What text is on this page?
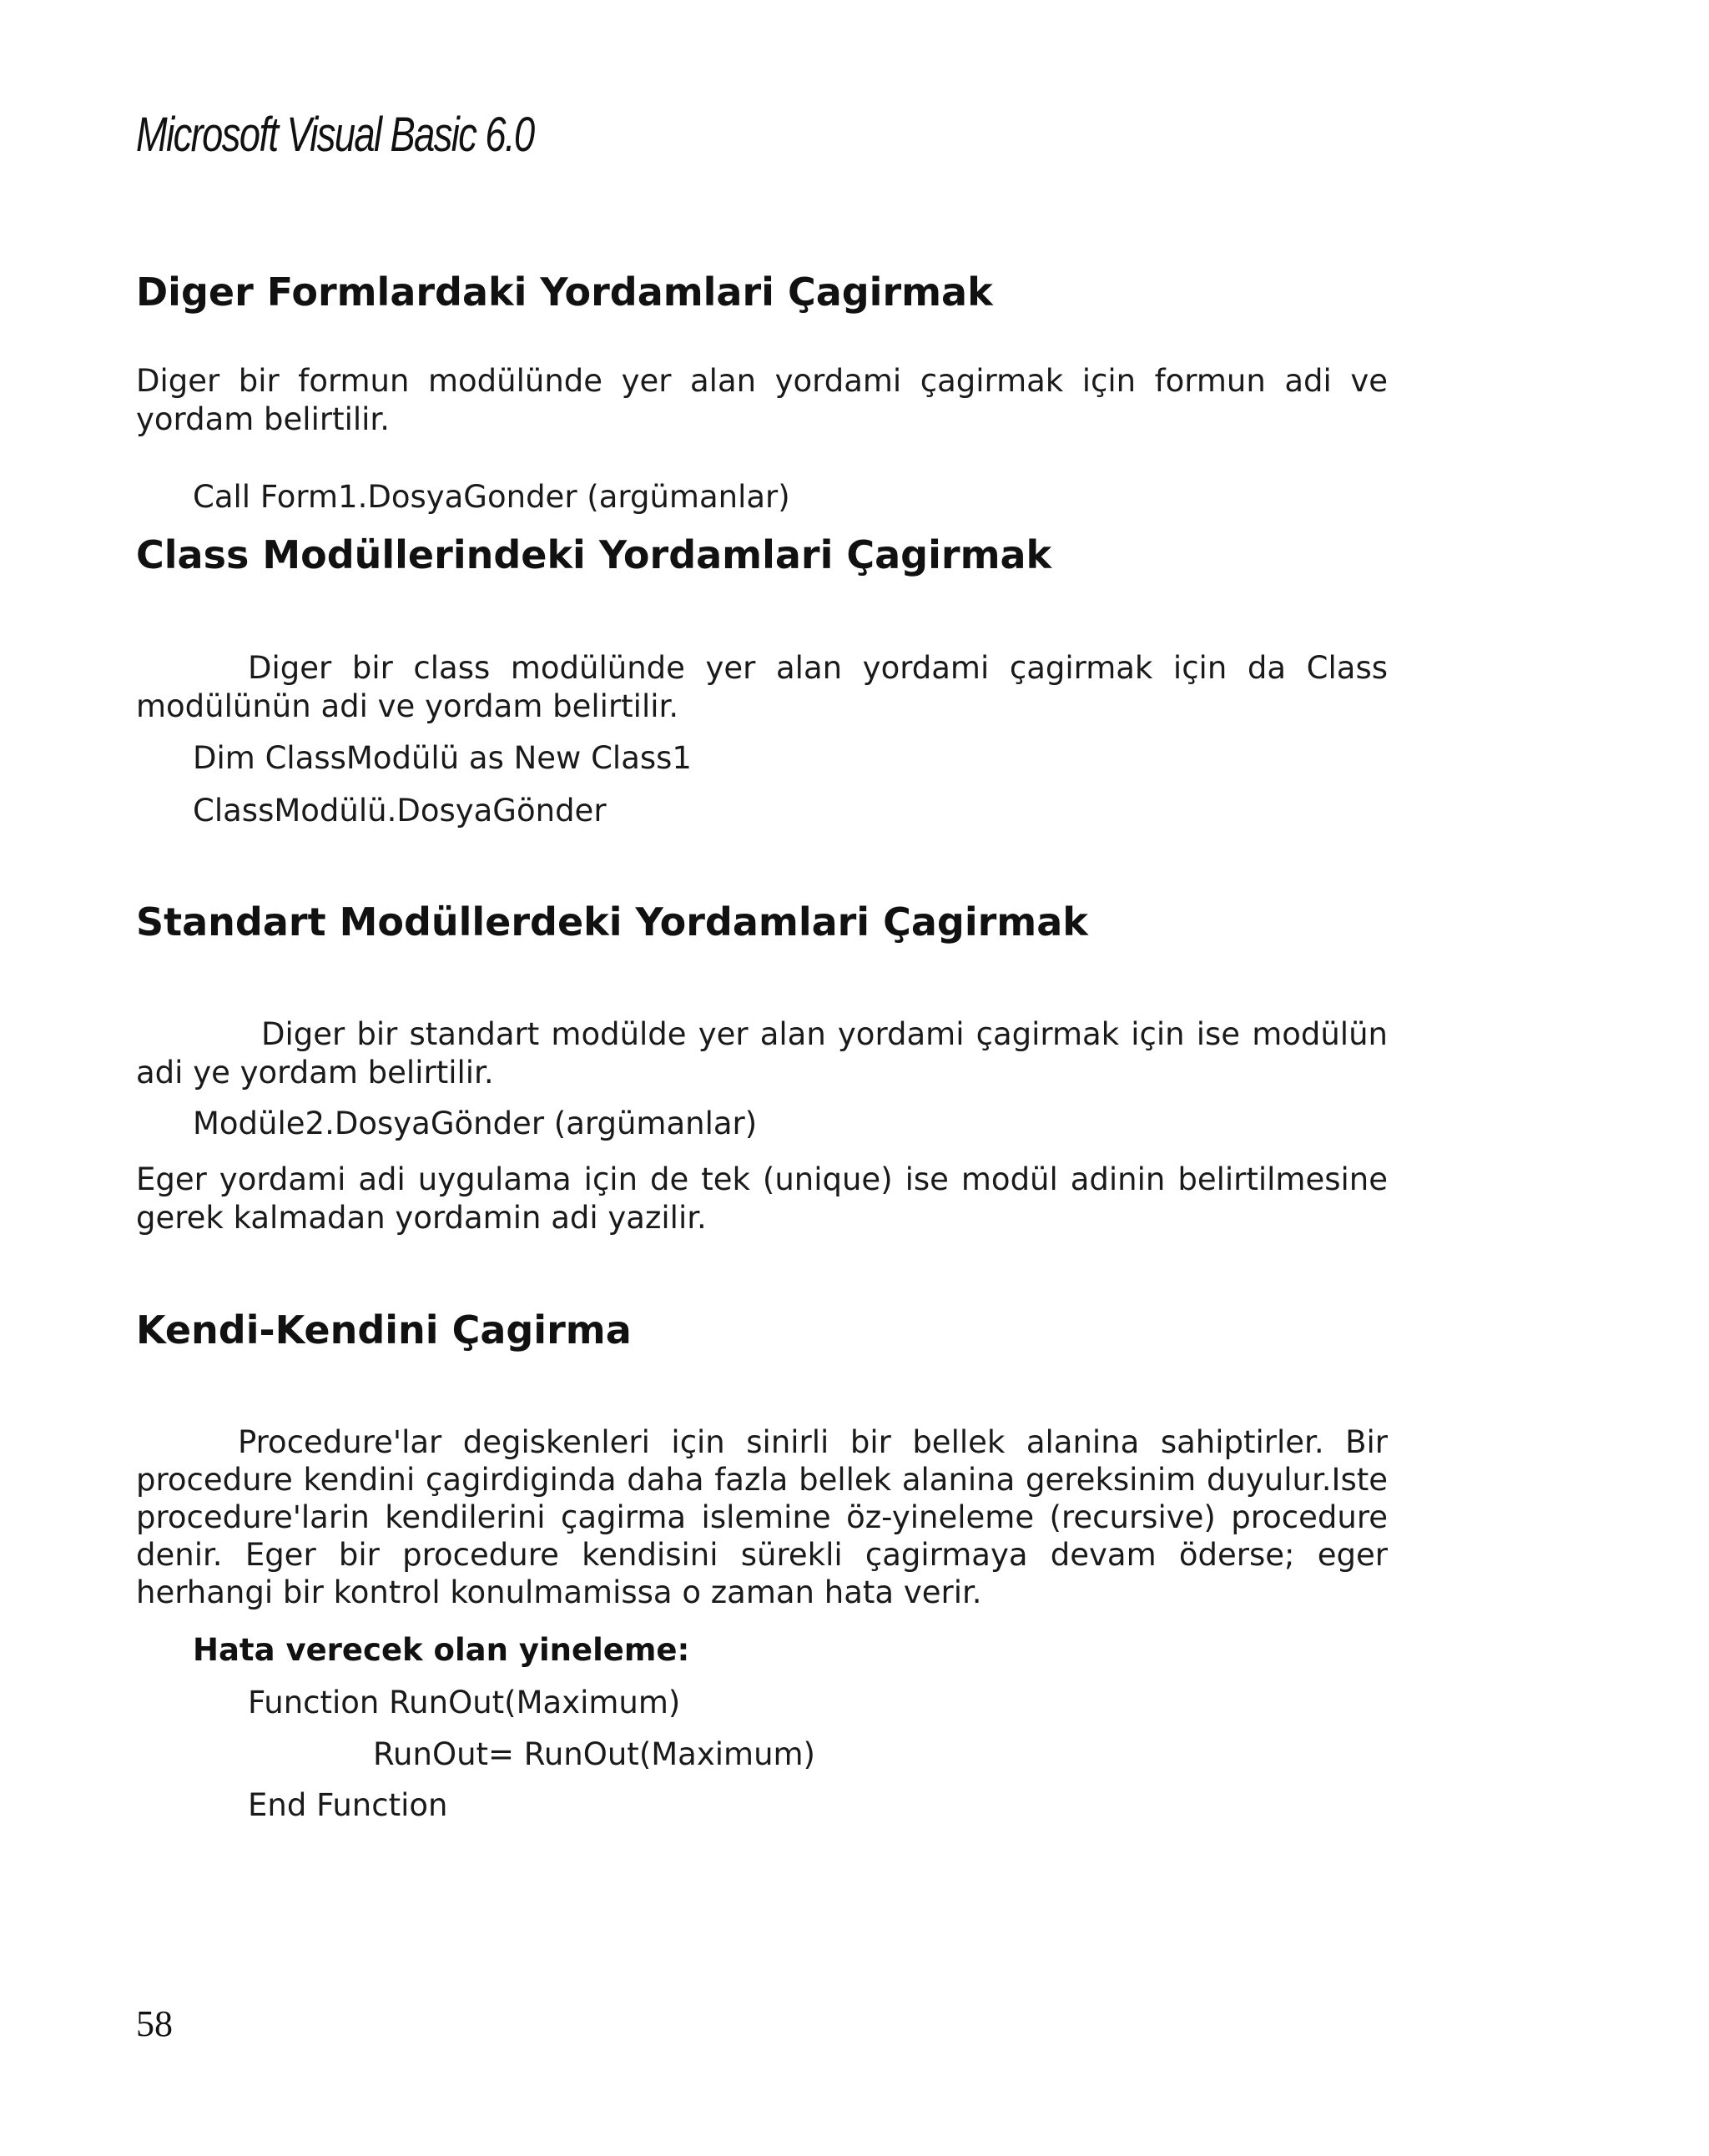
Microsoft Visual Basic 6.0
Diger Formlardaki Yordamlari Çagirmak

Diger bir formun modülünde yer alan yordami çagirmak için formun adi ve yordam belirtilir.

Call Form1.DosyaGonder (argümanlar)
Class Modüllerindeki Yordamlari Çagirmak

Diger bir class modülünde yer alan yordami çagirmak için da Class modülünün adi ve yordam belirtilir.

Dim ClassModülü as New Class1
ClassModülü.DosyaGönder
Standart Modüllerdeki Yordamlari Çagirmak

Diger bir standart modülde yer alan yordami çagirmak için ise modülün adi ye yordam belirtilir.

Modüle2.DosyaGönder (argümanlar)

Eger yordami adi uygulama için de tek (unique) ise modül adinin belirtilmesine gerek kalmadan yordamin adi yazilir.

Kendi-Kendini Çagirma

Procedure'lar degiskenleri için sinirli bir bellek alanina sahiptirler. Bir procedure kendini çagirdiginda daha fazla bellek alanina gereksinim duyulur.Iste procedure'larin kendilerini çagirma islemine öz-yineleme (recursive) procedure denir. Eger bir procedure kendisini sürekli çagirmaya devam öderse; eger herhangi bir kontrol konulmamissa o zaman hata verir.

Hata verecek olan yineleme:
Function RunOut(Maximum)
RunOut= RunOut(Maximum)
End Function
58
